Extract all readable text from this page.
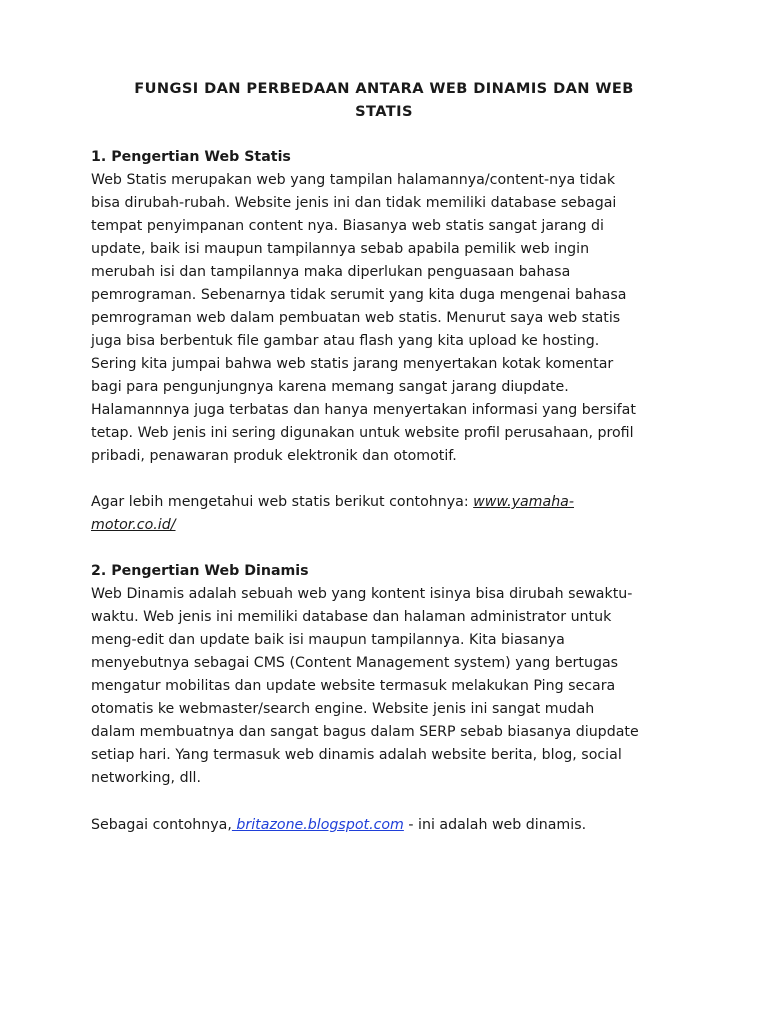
FUNGSI DAN PERBEDAAN ANTARA WEB DINAMIS DAN WEB
STATIS

1. Pengertian Web Statis

Web Statis merupakan web yang tampilan halamannya/content-nya tidak
bisa dirubah-rubah. Website jenis ini dan tidak memiliki database sebagai
tempat penyimpanan content nya. Biasanya web statis sangat jarang di
update, baik isi maupun tampilannya sebab apabila pemilik web ingin
merubah isi dan tampilannya maka diperlukan penguasaan bahasa
pemrograman. Sebenarnya tidak serumit yang kita duga mengenai bahasa
pemrograman web dalam pembuatan web statis. Menurut saya web statis
juga bisa berbentuk file gambar atau flash yang kita upload ke hosting.
Sering kita jumpai bahwa web statis jarang menyertakan kotak komentar
bagi para pengunjungnya karena memang sangat jarang diupdate.
Halamannnya juga terbatas dan hanya menyertakan informasi yang bersifat
tetap. Web jenis ini sering digunakan untuk website profil perusahaan, profil
pribadi, penawaran produk elektronik dan otomotif.

Agar lebih mengetahui web statis berikut contohnya: www.yamaha-
motor.co.id/

2. Pengertian Web Dinamis

Web Dinamis adalah sebuah web yang kontent isinya bisa dirubah sewaktu-
waktu. Web jenis ini memiliki database dan halaman administrator untuk
meng-edit dan update baik isi maupun tampilannya. Kita biasanya
menyebutnya sebagai CMS (Content Management system) yang bertugas
mengatur mobilitas dan update website termasuk melakukan Ping secara
otomatis ke webmaster/search engine. Website jenis ini sangat mudah
dalam membuatnya dan sangat bagus dalam SERP sebab biasanya diupdate
setiap hari. Yang termasuk web dinamis adalah website berita, blog, social
networking, dll.

Sebagai contohnya, britazone.blogspot.com - ini adalah web dinamis.
